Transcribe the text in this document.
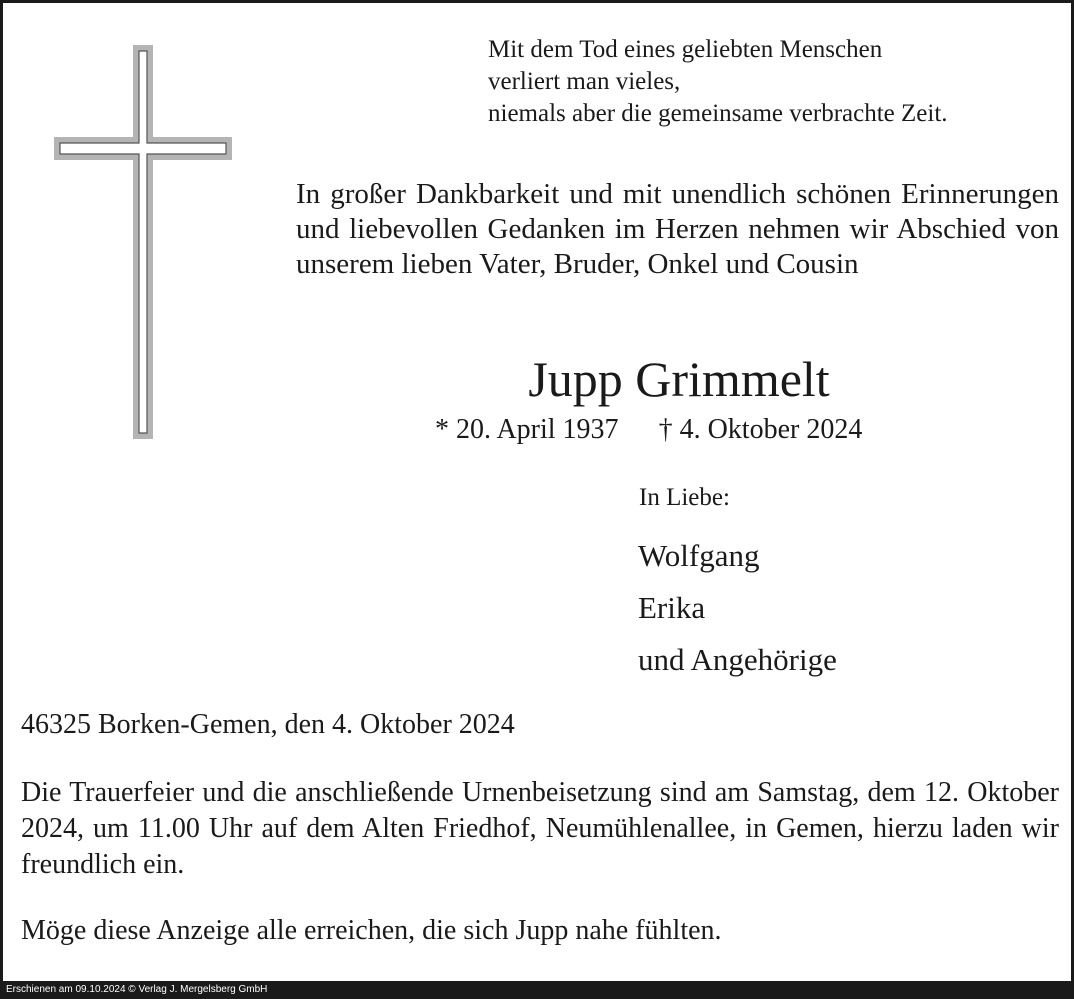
Mit dem Tod eines geliebten Menschen
verliert man vieles,
niemals aber die gemeinsame verbrachte Zeit.
In großer Dankbarkeit und mit unendlich schönen Erinnerungen und liebevollen Gedanken im Herzen nehmen wir Abschied von unserem lieben Vater, Bruder, Onkel und Cousin
Jupp Grimmelt
* 20. April 1937 † 4. Oktober 2024
In Liebe:
Wolfgang
Erika
und Angehörige
46325 Borken-Gemen, den 4. Oktober 2024
Die Trauerfeier und die anschließende Urnenbeisetzung sind am Samstag, dem 12. Oktober 2024, um 11.00 Uhr auf dem Alten Friedhof, Neumühlenallee, in Gemen, hierzu laden wir freundlich ein.
Möge diese Anzeige alle erreichen, die sich Jupp nahe fühlten.
Erschienen am 09.10.2024 © Verlag J. Mergelsberg GmbH
